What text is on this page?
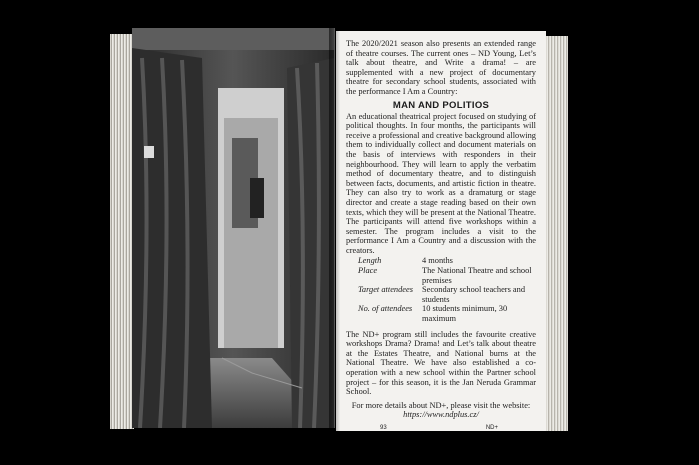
The 2020/2021 season also presents an extended range of theatre courses. The current ones – ND Young, Let’s talk about theatre, and Write a drama! – are supplemented with a new project of documentary theatre for secondary school students, associated with the performance I Am a Country:

MAN AND POLITIOS

An educational theatrical project focused on studying of political thoughts. In four months, the participants will receive a professional and creative background allowing them to individually collect and document materials on the basis of interviews with responders in their neighbourhood. They will learn to apply the verbatim method of documentary theatre, and to distinguish between facts, documents, and artistic fiction in theatre. They can also try to work as a dramaturg or stage director and create a stage reading based on their own texts, which they will be present at the National Theatre. The participants will attend five workshops within a semester. The program includes a visit to the performance I Am a Country and a discussion with the creators.

Length	4 months
Place	The National Theatre and school premises
Target attendees	Secondary school teachers and students
No. of attendees	10 students minimum, 30 maximum

The ND+ program still includes the favourite creative workshops Drama? Drama! and Let’s talk about theatre at the Estates Theatre, and National burns at the National Theatre. We have also established a co-operation with a new school within the Partner school project – for this season, it is the Jan Neruda Grammar School.

For more details about ND+, please visit the website:

https://www.ndplus.cz/

93	ND+
